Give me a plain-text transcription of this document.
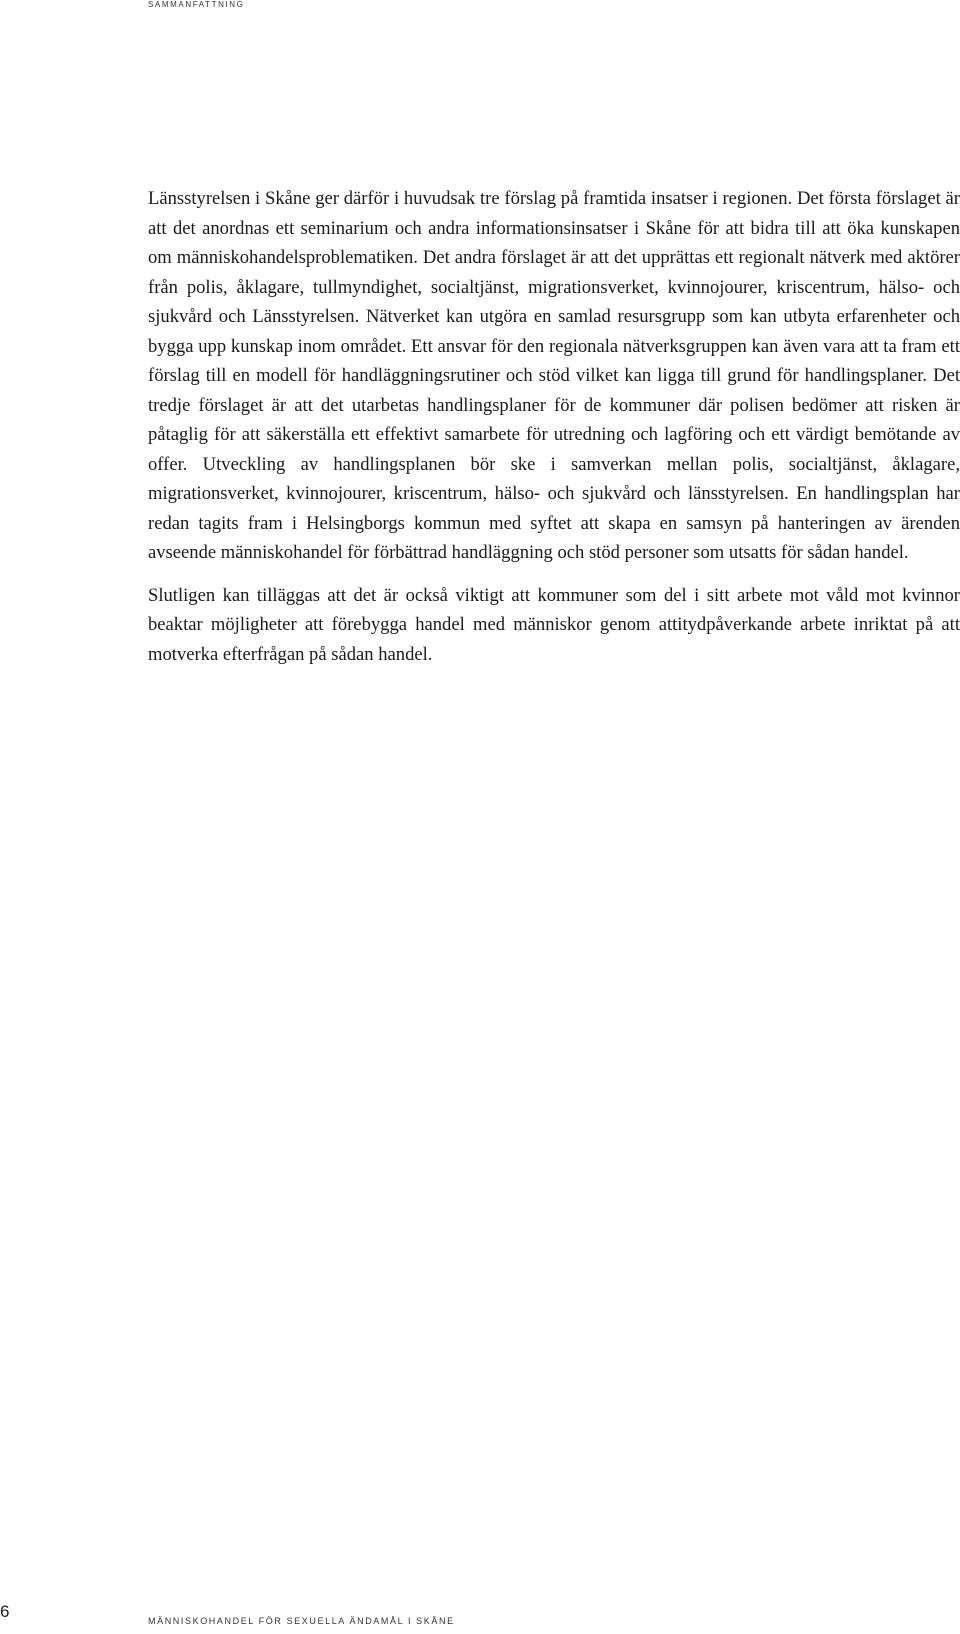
SAMMANFATTNING

Länsstyrelsen i Skåne ger därför i huvudsak tre förslag på framtida insatser i regionen. Det första förslaget är att det anordnas ett seminarium och andra informationsinsatser i Skåne för att bidra till att öka kunskapen om människohandelsproblematiken. Det andra förslaget är att det upprättas ett regionalt nätverk med aktörer från polis, åklagare, tullmyndighet, socialtjänst, migrationsverket, kvinnojourer, kriscentrum, hälso- och sjukvård och Länsstyrelsen. Nätverket kan utgöra en samlad resursgrupp som kan utbyta erfarenheter och bygga upp kunskap inom området. Ett ansvar för den regionala nätverksgruppen kan även vara att ta fram ett förslag till en modell för handläggningsrutiner och stöd vilket kan ligga till grund för handlingsplaner. Det tredje förslaget är att det utarbetas handlingsplaner för de kommuner där polisen bedömer att risken är påtaglig för att säkerställa ett effektivt samarbete för utredning och lagföring och ett värdigt bemötande av offer. Utveckling av handlingsplanen bör ske i samverkan mellan polis, socialtjänst, åklagare, migrationsverket, kvinnojourer, kriscentrum, hälso- och sjukvård och länsstyrelsen. En handlingsplan har redan tagits fram i Helsingborgs kommun med syftet att skapa en samsyn på hanteringen av ärenden avseende människohandel för förbättrad handläggning och stöd personer som utsatts för sådan handel.

Slutligen kan tilläggas att det är också viktigt att kommuner som del i sitt arbete mot våld mot kvinnor beaktar möjligheter att förebygga handel med människor genom attitydpåverkande arbete inriktat på att motverka efterfrågan på sådan handel.

6	MÄNNISKOHANDEL FÖR SEXUELLA ÄNDAMÅL I SKÅNE
